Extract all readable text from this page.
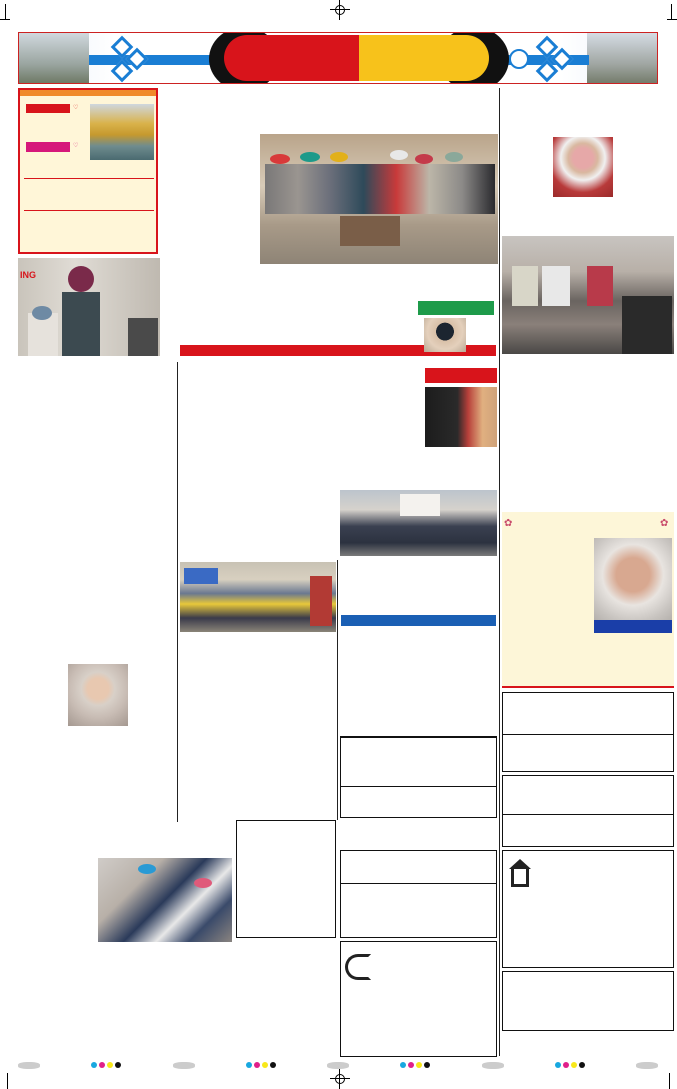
♡
♡
ING
✿	✿
